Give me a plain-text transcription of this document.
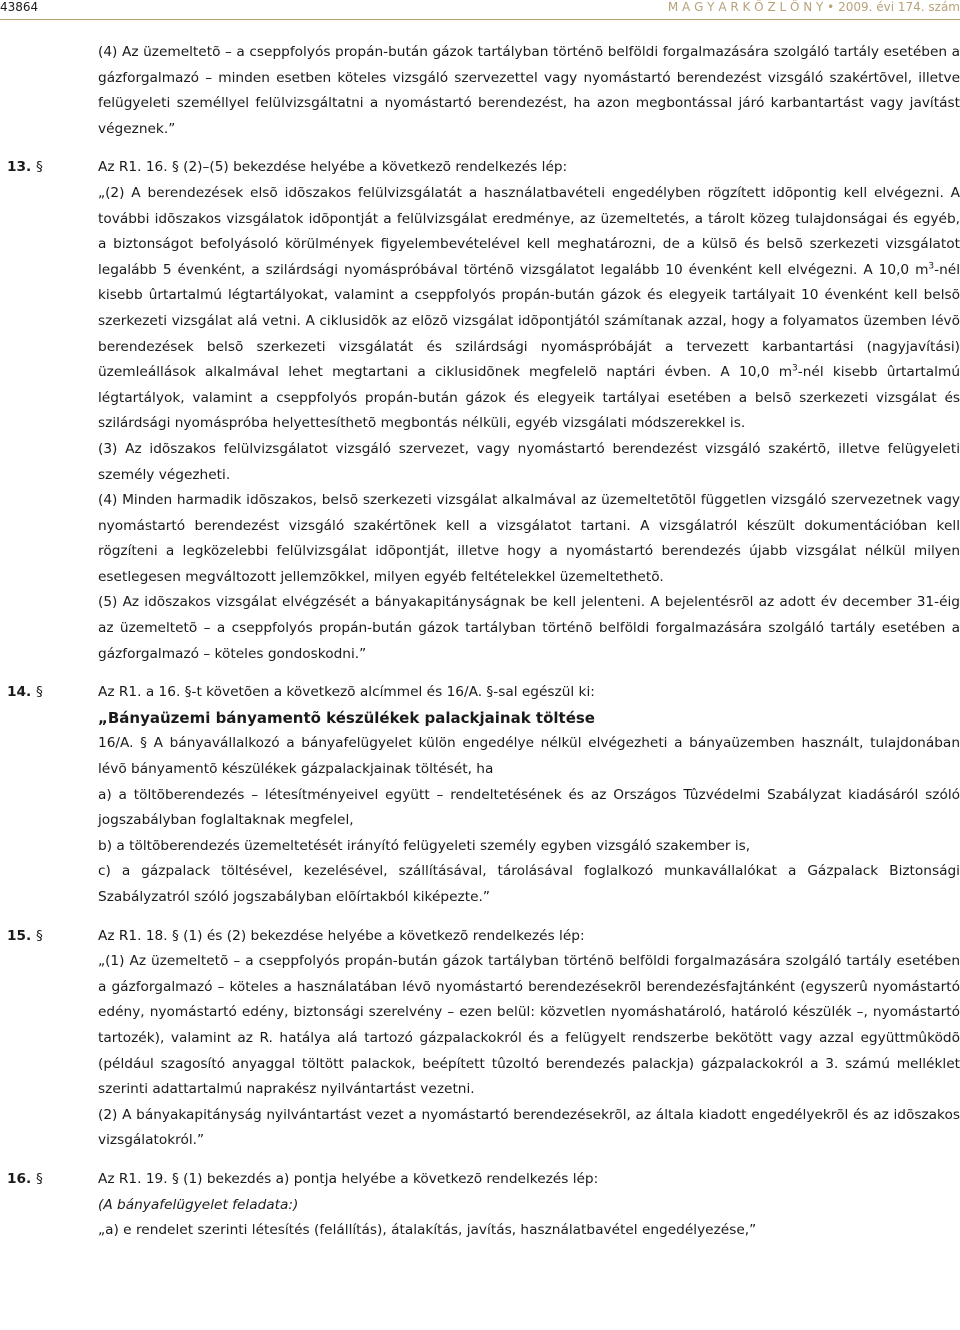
43864	M A G Y A R K Ö Z L Ö N Y • 2009. évi 174. szám

(4) Az üzemeltetõ – a cseppfolyós propán-bután gázok tartályban történõ belföldi forgalmazására szolgáló tartály esetében a gázforgalmazó – minden esetben köteles vizsgáló szervezettel vagy nyomástartó berendezést vizsgáló szakértõvel, illetve felügyeleti személlyel felülvizsgáltatni a nyomástartó berendezést, ha azon megbontással járó karbantartást vagy javítást végeznek.”

13. §	Az R1. 16. § (2)–(5) bekezdése helyébe a következõ rendelkezés lép:

„(2) A berendezések elsõ idõszakos felülvizsgálatát a használatbavételi engedélyben rögzített idõpontig kell elvégezni. A további idõszakos vizsgálatok idõpontját a felülvizsgálat eredménye, az üzemeltetés, a tárolt közeg tulajdonságai és egyéb, a biztonságot befolyásoló körülmények figyelembevételével kell meghatározni, de a külsõ és belsõ szerkezeti vizsgálatot legalább 5 évenként, a szilárdsági nyomáspróbával történõ vizsgálatot legalább 10 évenként kell elvégezni. A 10,0 $m^3$-nél kisebb ûrtartalmú légtartályokat, valamint a cseppfolyós propán-bután gázok és elegyeik tartályait 10 évenként kell belsõ szerkezeti vizsgálat alá vetni. A ciklusidõk az elõzõ vizsgálat idõpontjától számítanak azzal, hogy a folyamatos üzemben lévõ berendezések belsõ szerkezeti vizsgálatát és szilárdsági nyomáspróbáját a tervezett karbantartási (nagyjavítási) üzemleállások alkalmával lehet megtartani a ciklusidõnek megfelelõ naptári évben. A 10,0 $m^3$-nél kisebb ûrtartalmú légtartályok, valamint a cseppfolyós propán-bután gázok és elegyeik tartályai esetében a belsõ szerkezeti vizsgálat és szilárdsági nyomáspróba helyettesíthetõ megbontás nélküli, egyéb vizsgálati módszerekkel is.

(3) Az idõszakos felülvizsgálatot vizsgáló szervezet, vagy nyomástartó berendezést vizsgáló szakértõ, illetve felügyeleti személy végezheti.

(4) Minden harmadik idõszakos, belsõ szerkezeti vizsgálat alkalmával az üzemeltetõtõl független vizsgáló szervezetnek vagy nyomástartó berendezést vizsgáló szakértõnek kell a vizsgálatot tartani. A vizsgálatról készült dokumentációban kell rögzíteni a legközelebbi felülvizsgálat idõpontját, illetve hogy a nyomástartó berendezés újabb vizsgálat nélkül milyen esetlegesen megváltozott jellemzõkkel, milyen egyéb feltételekkel üzemeltethetõ.

(5) Az idõszakos vizsgálat elvégzését a bányakapitányságnak be kell jelenteni. A bejelentésrõl az adott év december 31-éig az üzemeltetõ – a cseppfolyós propán-bután gázok tartályban történõ belföldi forgalmazására szolgáló tartály esetében a gázforgalmazó – köteles gondoskodni.”

14. §	Az R1. a 16. §-t követõen a következõ alcímmel és 16/A. §-sal egészül ki:

„Bányaüzemi bányamentõ készülékek palackjainak töltése

16/A. § A bányavállalkozó a bányafelügyelet külön engedélye nélkül elvégezheti a bányaüzemben használt, tulajdonában lévõ bányamentõ készülékek gázpalackjainak töltését, ha

a) a töltõberendezés – létesítményeivel együtt – rendeltetésének és az Országos Tûzvédelmi Szabályzat kiadásáról szóló jogszabályban foglaltaknak megfelel,

b) a töltõberendezés üzemeltetését irányító felügyeleti személy egyben vizsgáló szakember is,

c) a gázpalack töltésével, kezelésével, szállításával, tárolásával foglalkozó munkavállalókat a Gázpalack Biztonsági Szabályzatról szóló jogszabályban elõírtakból kiképezte.”

15. §	Az R1. 18. § (1) és (2) bekezdése helyébe a következõ rendelkezés lép:

„(1) Az üzemeltetõ – a cseppfolyós propán-bután gázok tartályban történõ belföldi forgalmazására szolgáló tartály esetében a gázforgalmazó – köteles a használatában lévõ nyomástartó berendezésekrõl berendezésfajtánként (egyszerû nyomástartó edény, nyomástartó edény, biztonsági szerelvény – ezen belül: közvetlen nyomáshatároló, határoló készülék –, nyomástartó tartozék), valamint az R. hatálya alá tartozó gázpalackokról és a felügyelt rendszerbe bekötött vagy azzal együttmûködõ (például szagosító anyaggal töltött palackok, beépített tûzoltó berendezés palackja) gázpalackokról a 3. számú melléklet szerinti adattartalmú naprakész nyilvántartást vezetni.

(2) A bányakapitányság nyilvántartást vezet a nyomástartó berendezésekrõl, az általa kiadott engedélyekrõl és az idõszakos vizsgálatokról.”

16. §	Az R1. 19. § (1) bekezdés a) pontja helyébe a következõ rendelkezés lép:

(A bányafelügyelet feladata:)

„a) e rendelet szerinti létesítés (felállítás), átalakítás, javítás, használatbavétel engedélyezése,”
